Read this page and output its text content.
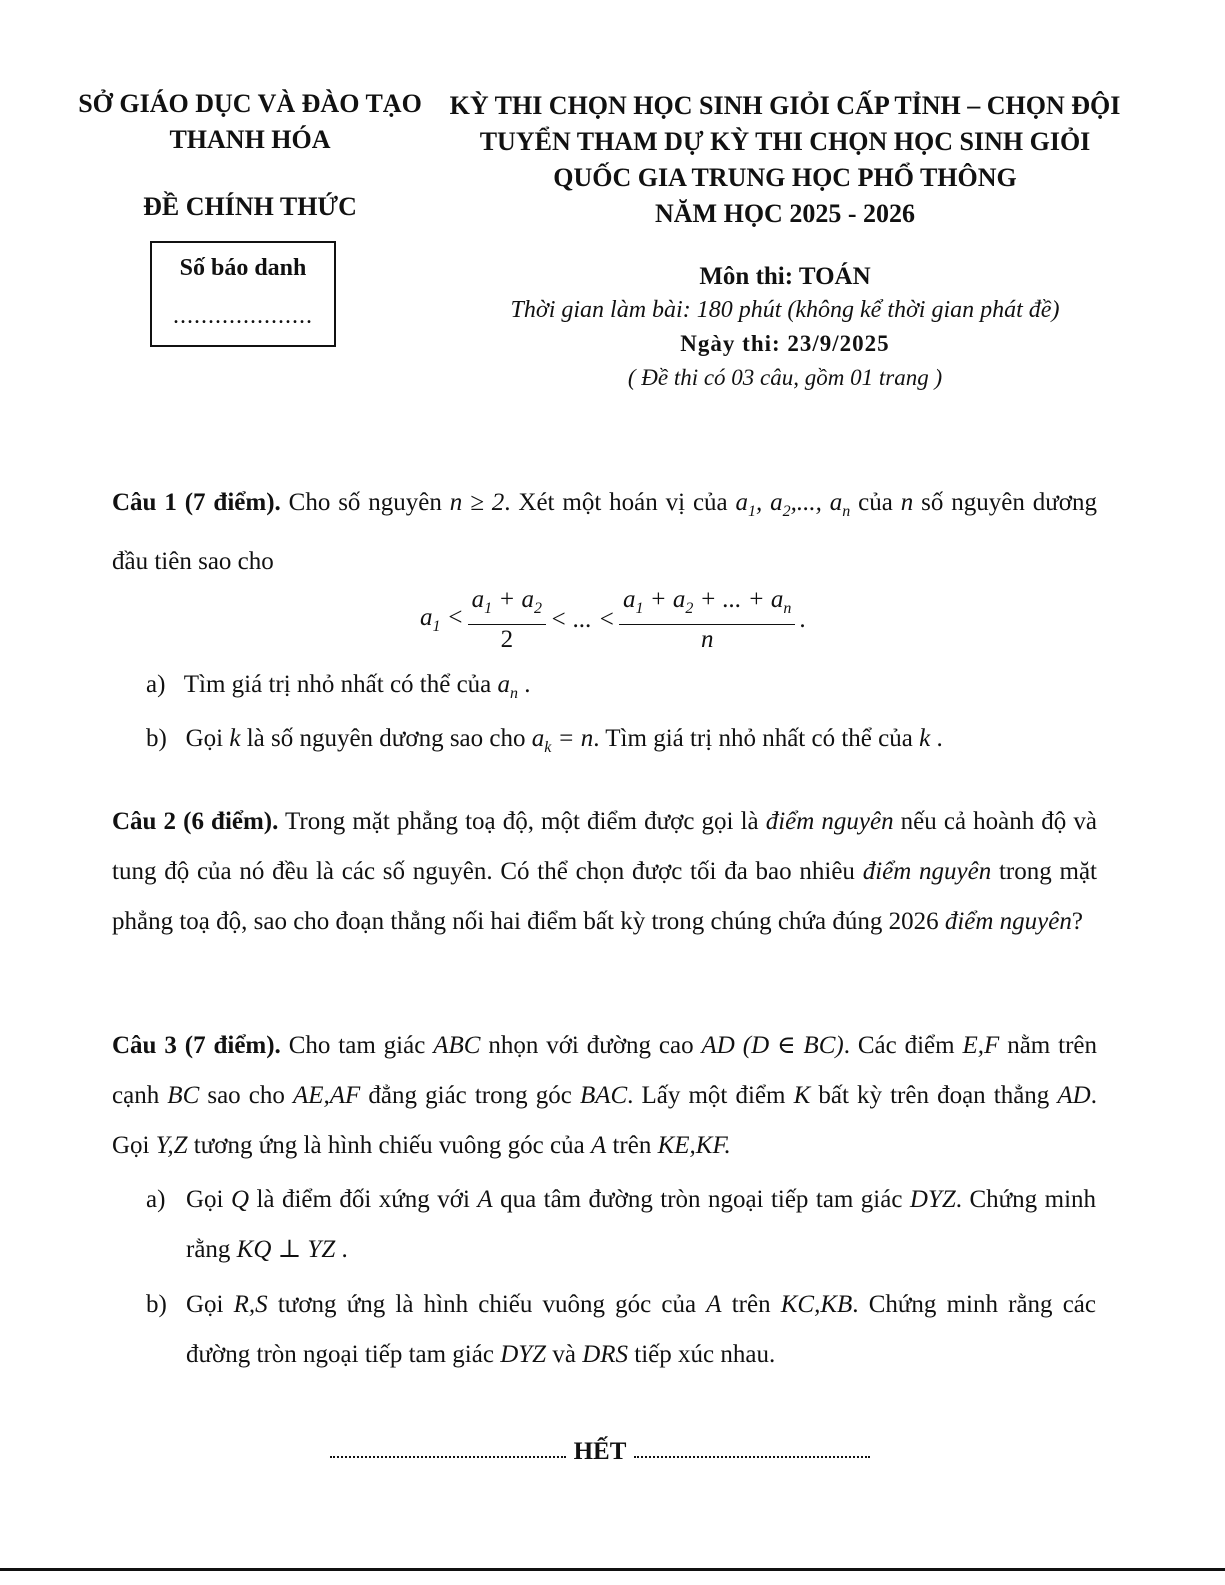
SỞ GIÁO DỤC VÀ ĐÀO TẠO
THANH HÓA
ĐỀ CHÍNH THỨC
Số báo danh
....................
KỲ THI CHỌN HỌC SINH GIỎI CẤP TỈNH – CHỌN ĐỘI
TUYỂN THAM DỰ KỲ THI CHỌN HỌC SINH GIỎI
QUỐC GIA TRUNG HỌC PHỔ THÔNG
NĂM HỌC 2025 - 2026
Môn thi: TOÁN
Thời gian làm bài: 180 phút (không kể thời gian phát đề)
Ngày thi: 23/9/2025
( Đề thi có 03 câu, gồm 01 trang )
Câu 1 (7 điểm). Cho số nguyên n ≥ 2. Xét một hoán vị của $a_1$, $a_2$,..., $a_n$ của n số nguyên dương đầu tiên sao cho
$a_1 < \frac{a_1 + a_2}{2}$ < ... < $\frac{a_1 + a_2 + ... + a_n}{n}$ .
a) Tìm giá trị nhỏ nhất có thể của $a_n$ .
b) Gọi k là số nguyên dương sao cho $a_k = n$. Tìm giá trị nhỏ nhất có thể của k .
Câu 2 (6 điểm). Trong mặt phẳng toạ độ, một điểm được gọi là điểm nguyên nếu cả hoành độ và tung độ của nó đều là các số nguyên. Có thể chọn được tối đa bao nhiêu điểm nguyên trong mặt phẳng toạ độ, sao cho đoạn thẳng nối hai điểm bất kỳ trong chúng chứa đúng 2026 điểm nguyên?
Câu 3 (7 điểm). Cho tam giác ABC nhọn với đường cao AD (D ∈ BC). Các điểm E,F nằm trên cạnh BC sao cho AE,AF đẳng giác trong góc BAC. Lấy một điểm K bất kỳ trên đoạn thẳng AD. Gọi Y,Z tương ứng là hình chiếu vuông góc của A trên KE,KF.
a) Gọi Q là điểm đối xứng với A qua tâm đường tròn ngoại tiếp tam giác DYZ. Chứng minh rằng KQ ⊥ YZ .
b) Gọi R,S tương ứng là hình chiếu vuông góc của A trên KC,KB. Chứng minh rằng các đường tròn ngoại tiếp tam giác DYZ và DRS tiếp xúc nhau.
HẾT
